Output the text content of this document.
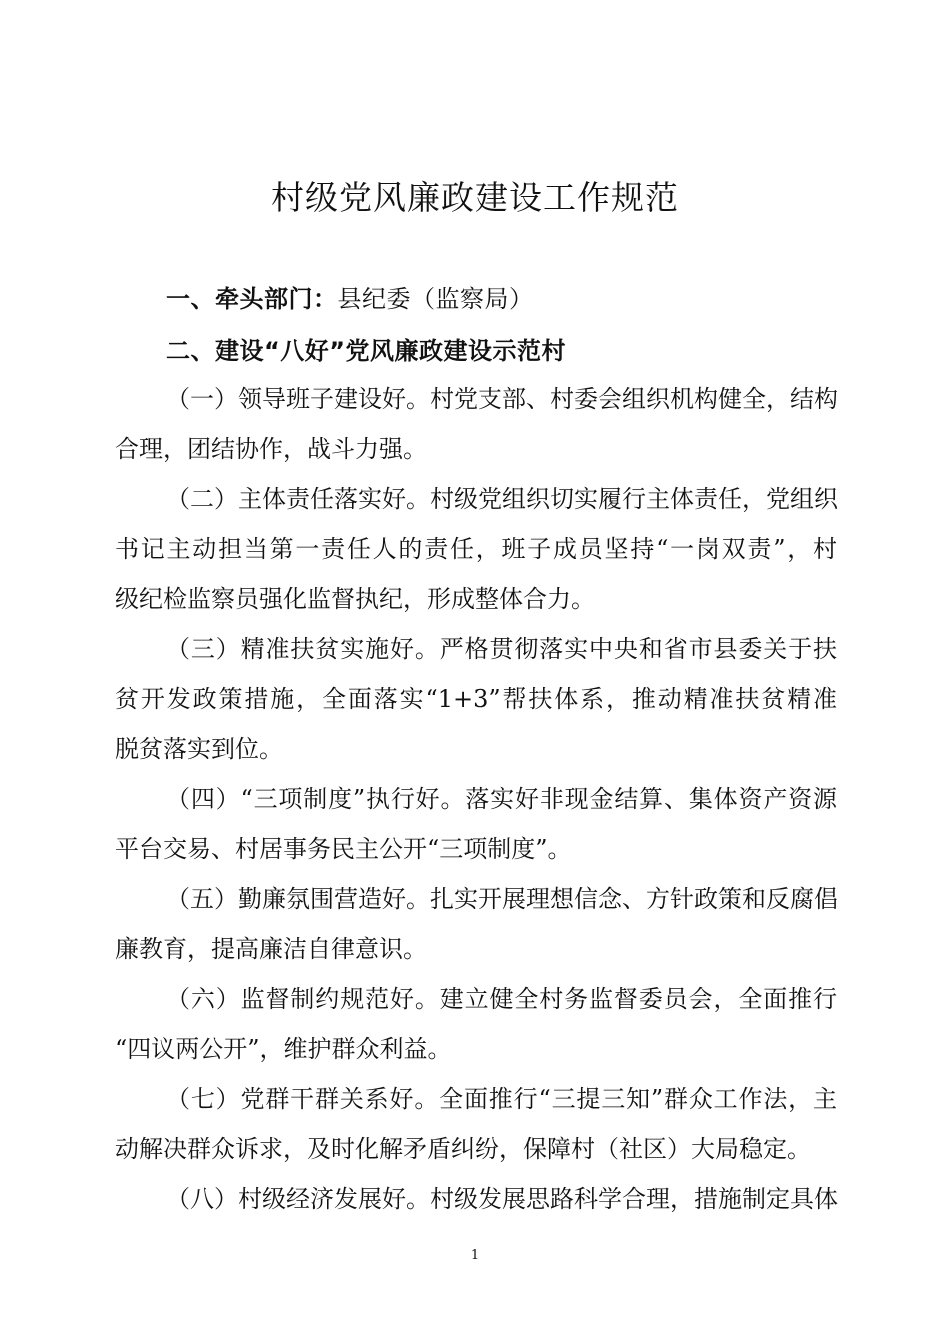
村级党风廉政建设工作规范
一、牵头部门：县纪委（监察局）
二、建设“八好”党风廉政建设示范村
（一）领导班子建设好。村党支部、村委会组织机构健全，结构
合理，团结协作，战斗力强。
（二）主体责任落实好。村级党组织切实履行主体责任，党组织
书记主动担当第一责任人的责任，班子成员坚持“一岗双责”，村
级纪检监察员强化监督执纪，形成整体合力。
（三）精准扶贫实施好。严格贯彻落实中央和省市县委关于扶
贫开发政策措施，全面落实“1+3”帮扶体系，推动精准扶贫精准
脱贫落实到位。
（四）“三项制度”执行好。落实好非现金结算、集体资产资源
平台交易、村居事务民主公开“三项制度”。
（五）勤廉氛围营造好。扎实开展理想信念、方针政策和反腐倡
廉教育，提高廉洁自律意识。
（六）监督制约规范好。建立健全村务监督委员会，全面推行
“四议两公开”，维护群众利益。
（七）党群干群关系好。全面推行“三提三知”群众工作法，主
动解决群众诉求，及时化解矛盾纠纷，保障村（社区）大局稳定。
（八）村级经济发展好。村级发展思路科学合理，措施制定具体
1
